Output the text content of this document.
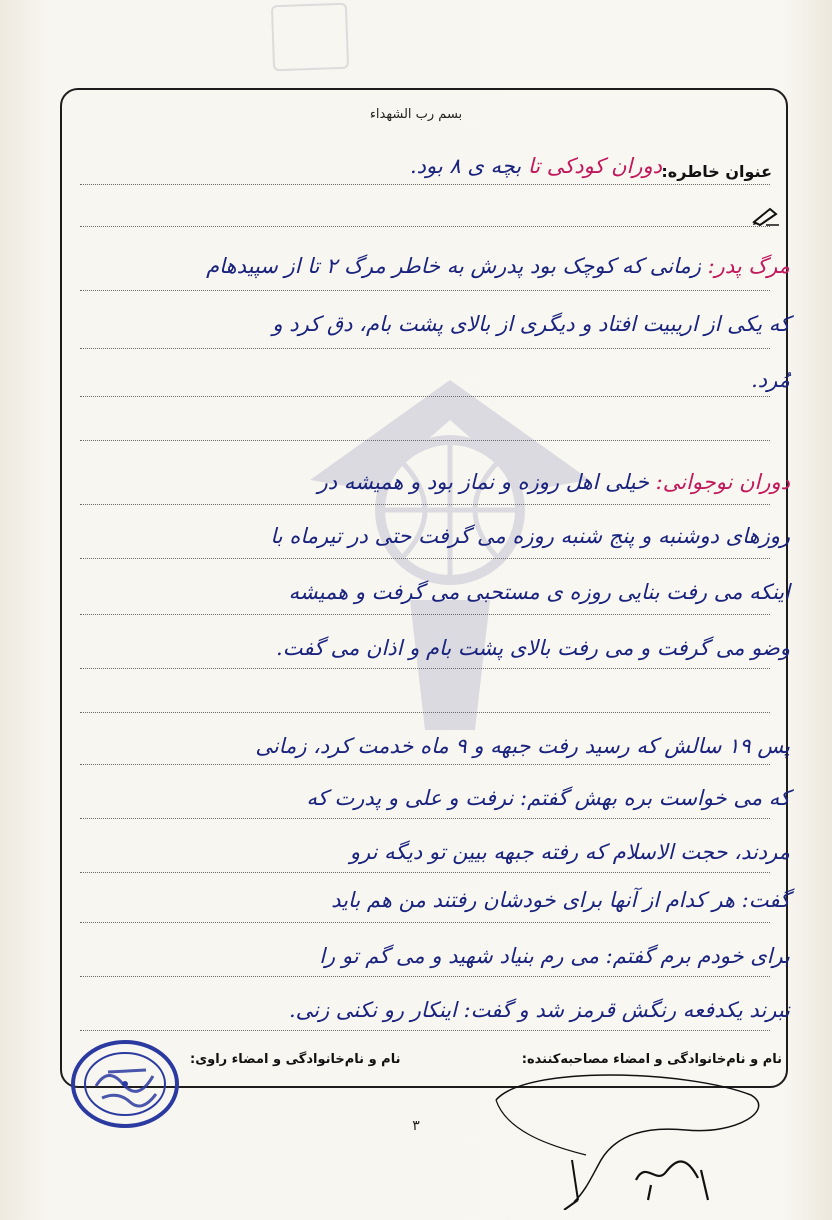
بسم رب الشهداء
عنوان خاطره:
دوران کودکی تا بچه ی ۸ بود.
مرگ پدر: زمانی که کوچک بود پدرش به خاطر مرگ ۲ تا از سپیدهام
که یکی از اریبیت افتاد و دیگری از بالای پشت بام، دق کرد و
مُرد.
دوران نوجوانی: خیلی اهل روزه و نماز بود و همیشه در
روزهای دوشنبه و پنج شنبه روزه می گرفت حتی در تیرماه با
اینکه می رفت بنایی روزه ی مستحبی می گرفت و همیشه
وضو می گرفت و می رفت بالای پشت بام و اذان می گفت.
پس ۱۹ سالش که رسید رفت جبهه و ۹ ماه خدمت کرد، زمانی
که می خواست بره بهش گفتم: نرفت و علی و پدرت که
مردند، حجت الاسلام که رفته جبهه بیین تو دیگه نرو
گفت: هر کدام از آنها برای خودشان رفتند من هم باید
برای خودم برم گفتم: می رم بنیاد شهید و می گم تو را
نبرند یکدفعه رنگش قرمز شد و گفت: اینکار رو نکنی زنی.
نام و نام‌خانوادگی و امضاء مصاحبه‌کننده:
نام و نام‌خانوادگی و امضاء راوی:
۳
